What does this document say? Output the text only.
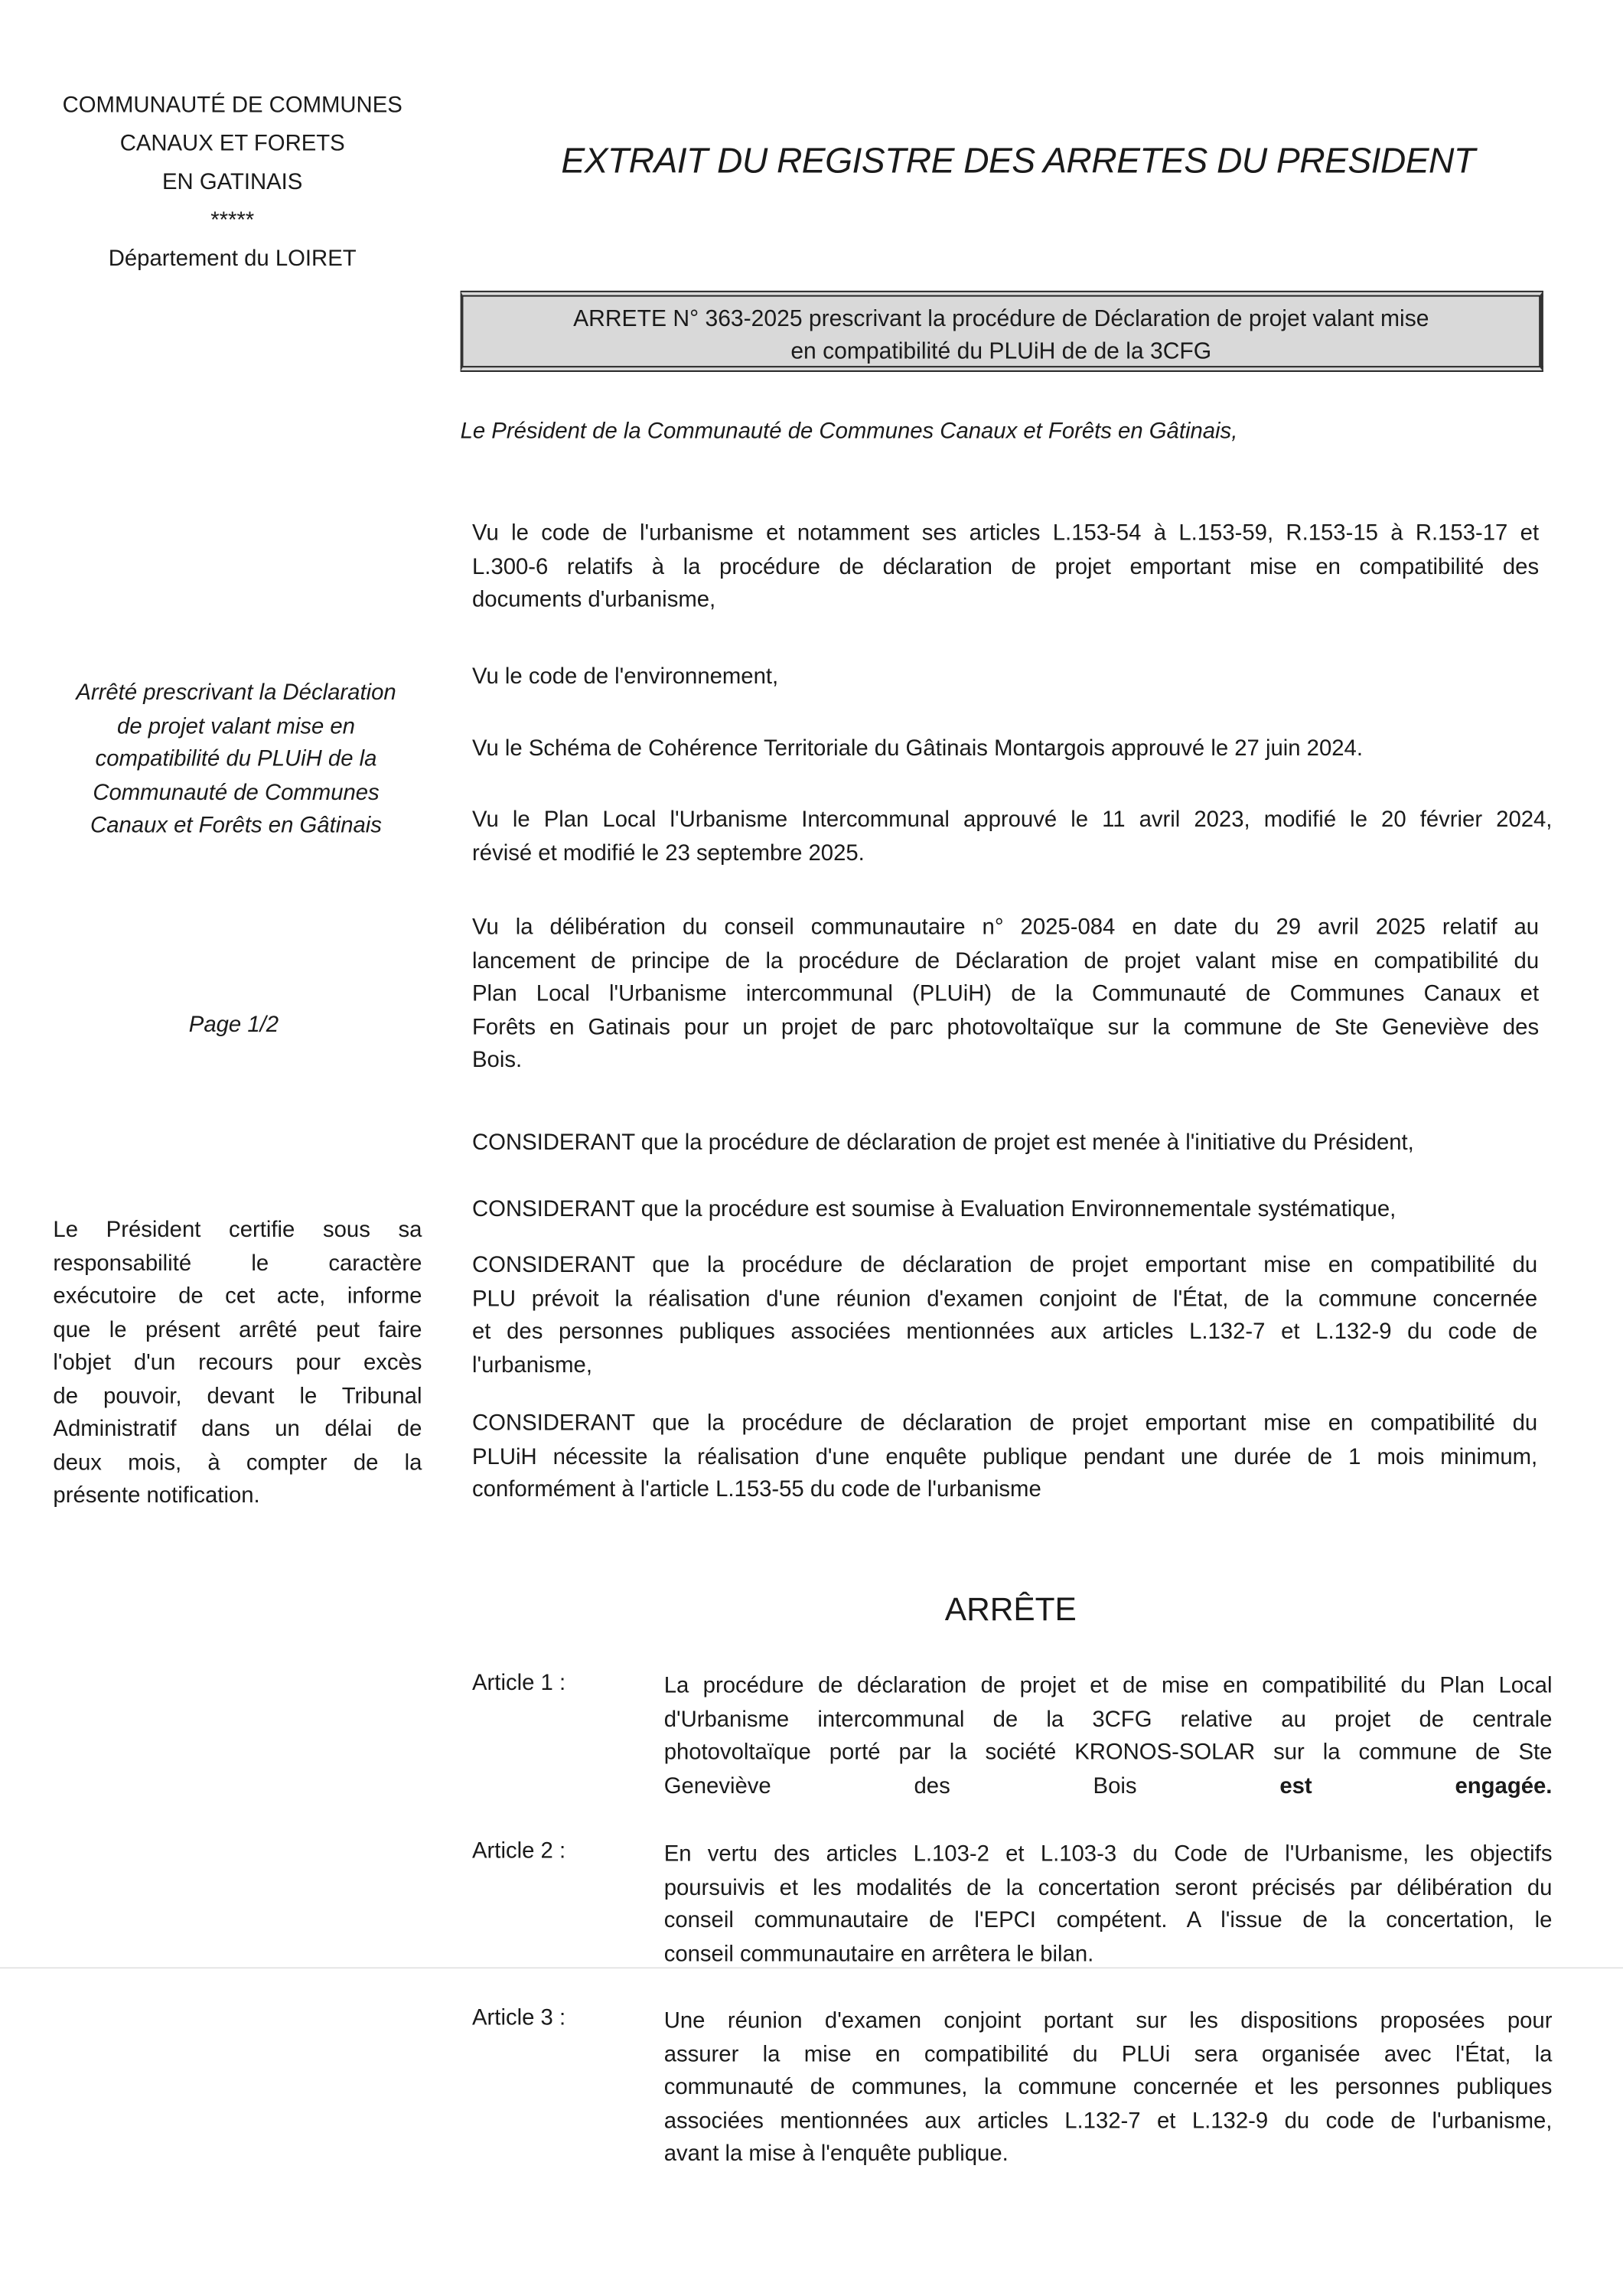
COMMUNAUTÉ DE COMMUNES
CANAUX ET FORETS
EN GATINAIS
*****
Département du LOIRET
EXTRAIT DU REGISTRE DES ARRETES DU PRESIDENT
ARRETE N° 363-2025 prescrivant la procédure de Déclaration de projet valant mise
en compatibilité du PLUiH de de la 3CFG
Le Président de la Communauté de Communes Canaux et Forêts en Gâtinais,
Arrêté prescrivant la Déclaration
de projet valant mise en
compatibilité du PLUiH de la
Communauté de Communes
Canaux et Forêts en Gâtinais
Page 1/2
Le Président certifie sous sa
responsabilité le caractère
exécutoire de cet acte, informe
que le présent arrêté peut faire
l'objet d'un recours pour excès
de pouvoir, devant le Tribunal
Administratif dans un délai de
deux mois, à compter de la
présente notification.
Vu le code de l'urbanisme et notamment ses articles L.153-54 à L.153-59, R.153-15 à R.153-17 et
L.300-6 relatifs à la procédure de déclaration de projet emportant mise en compatibilité des
documents d'urbanisme,
Vu le code de l'environnement,
Vu le Schéma de Cohérence Territoriale du Gâtinais Montargois approuvé le 27 juin 2024.
Vu le Plan Local l'Urbanisme Intercommunal approuvé le 11 avril 2023, modifié le 20 février 2024,
révisé et modifié le 23 septembre 2025.
Vu la délibération du conseil communautaire n° 2025-084 en date du 29 avril 2025 relatif au
lancement de principe de la procédure de Déclaration de projet valant mise en compatibilité du
Plan Local l'Urbanisme intercommunal (PLUiH) de la Communauté de Communes Canaux et
Forêts en Gatinais pour un projet de parc photovoltaïque sur la commune de Ste Geneviève des
Bois.
CONSIDERANT que la procédure de déclaration de projet est menée à l'initiative du Président,
CONSIDERANT que la procédure est soumise à Evaluation Environnementale systématique,
CONSIDERANT que la procédure de déclaration de projet emportant mise en compatibilité du
PLU prévoit la réalisation d'une réunion d'examen conjoint de l'État, de la commune concernée
et des personnes publiques associées mentionnées aux articles L.132-7 et L.132-9 du code de
l'urbanisme,
CONSIDERANT que la procédure de déclaration de projet emportant mise en compatibilité du
PLUiH nécessite la réalisation d'une enquête publique pendant une durée de 1 mois minimum,
conformément à l'article L.153-55 du code de l'urbanisme
ARRÊTE
Article 1 :	La procédure de déclaration de projet et de mise en compatibilité du Plan Local
d'Urbanisme intercommunal de la 3CFG relative au projet de centrale
photovoltaïque porté par la société KRONOS-SOLAR sur la commune de Ste
Geneviève des Bois est engagée.
Article 2 :	En vertu des articles L.103-2 et L.103-3 du Code de l'Urbanisme, les objectifs
poursuivis et les modalités de la concertation seront précisés par délibération du
conseil communautaire de l'EPCI compétent. A l'issue de la concertation, le
conseil communautaire en arrêtera le bilan.
Article 3 :	Une réunion d'examen conjoint portant sur les dispositions proposées pour
assurer la mise en compatibilité du PLUi sera organisée avec l'État, la
communauté de communes, la commune concernée et les personnes publiques
associées mentionnées aux articles L.132-7 et L.132-9 du code de l'urbanisme,
avant la mise à l'enquête publique.
